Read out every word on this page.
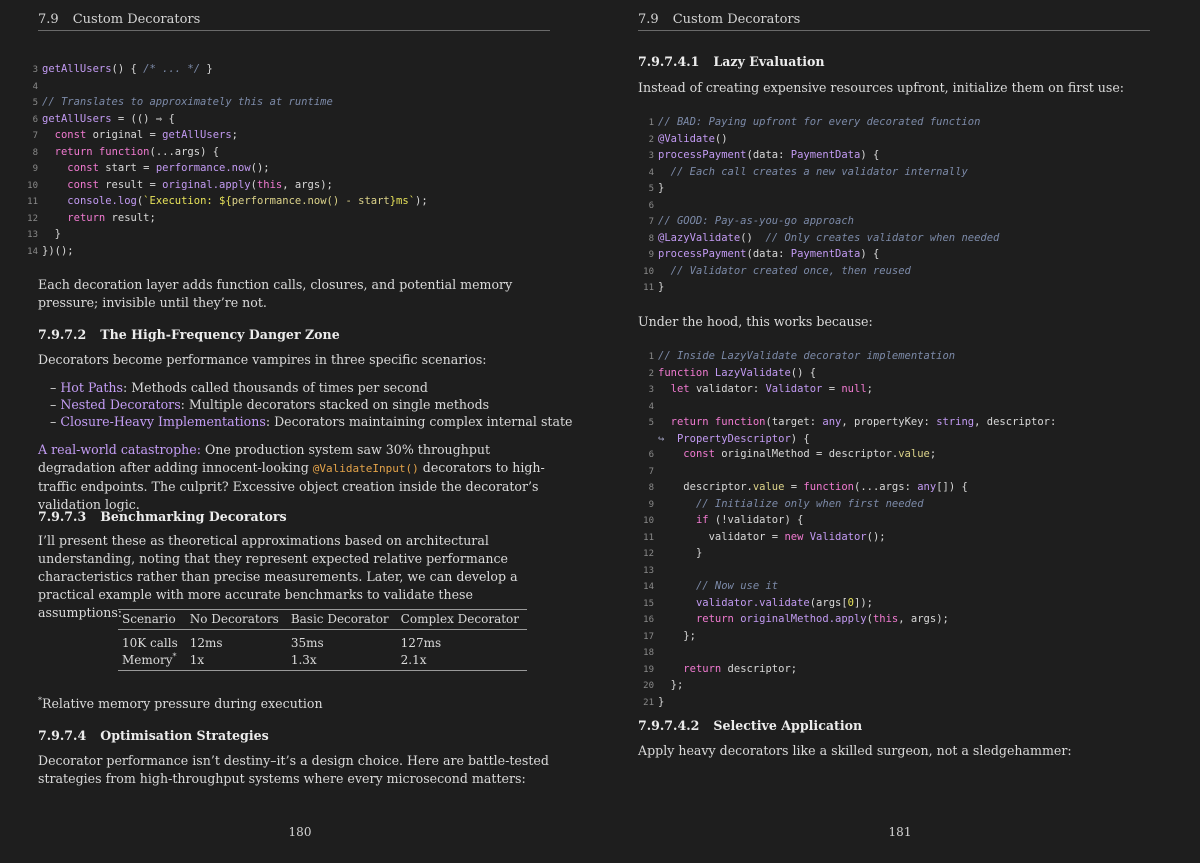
7.9 Custom Decorators
3 getAllUsers() { /* ... */ }
4
5 // Translates to approximately this at runtime
6 getAllUsers = (() ⇒ {
7 const original = getAllUsers;
8 return function(...args) {
9	const start = performance.now();
10	const result = original.apply(this, args);
11	console.log(`Execution: ${performance.now() - start}ms`);
12	return result;
13 }
14 })();

Each decoration layer adds function calls, closures, and potential memory pressure; invisible until they’re not.

7.9.7.2 The High-Frequency Danger Zone

Decorators become performance vampires in three specific scenarios:

– Hot Paths: Methods called thousands of times per second
– Nested Decorators: Multiple decorators stacked on single methods
– Closure-Heavy Implementations: Decorators maintaining complex internal state

A real-world catastrophe: One production system saw 30% throughput degradation after adding innocent-looking @ValidateInput() decorators to high-traffic endpoints. The culprit? Excessive object creation inside the decorator’s validation logic.

7.9.7.3 Benchmarking Decorators

I’ll present these as theoretical approximations based on architectural understanding, noting that they represent expected relative performance characteristics rather than precise measurements. Later, we can develop a practical example with more accurate benchmarks to validate these assumptions: Scenario	No Decorators	Basic Decorator	Complex Decorator
10K calls	12ms	35ms	127ms
Memory*	1x	1.3x	2.1x

*Relative memory pressure during execution

7.9.7.4 Optimisation Strategies

Decorator performance isn’t destiny–it’s a design choice. Here are battle-tested strategies from high-throughput systems where every microsecond matters:

180
7.9 Custom Decorators
7.9.7.4.1 Lazy Evaluation

Instead of creating expensive resources upfront, initialize them on first use:

1 // BAD: Paying upfront for every decorated function
2 @Validate()
3 processPayment(data: PaymentData) {
4 // Each call creates a new validator internally
5 }
6
7 // GOOD: Pay-as-you-go approach
8 @LazyValidate()  // Only creates validator when needed
9 processPayment(data: PaymentData) {
10 // Validator created once, then reused
11 }

Under the hood, this works because:

1 // Inside LazyValidate decorator implementation
2 function LazyValidate() {
3 let validator: Validator = null;
4
5 return function(target: any, propertyKey: string, descriptor:
↪ PropertyDescriptor) {
6	const originalMethod = descriptor.value;
7
8	descriptor.value = function(...args: any[]) {
9	// Initialize only when first needed
10	if (!validator) {
11	validator = new Validator();
12	}
13
14	// Now use it
15	validator.validate(args[0]);
16	return originalMethod.apply(this, args);
17	};
18
19	return descriptor;
20 };
21 }
7.9.7.4.2 Selective Application

Apply heavy decorators like a skilled surgeon, not a sledgehammer:

181
